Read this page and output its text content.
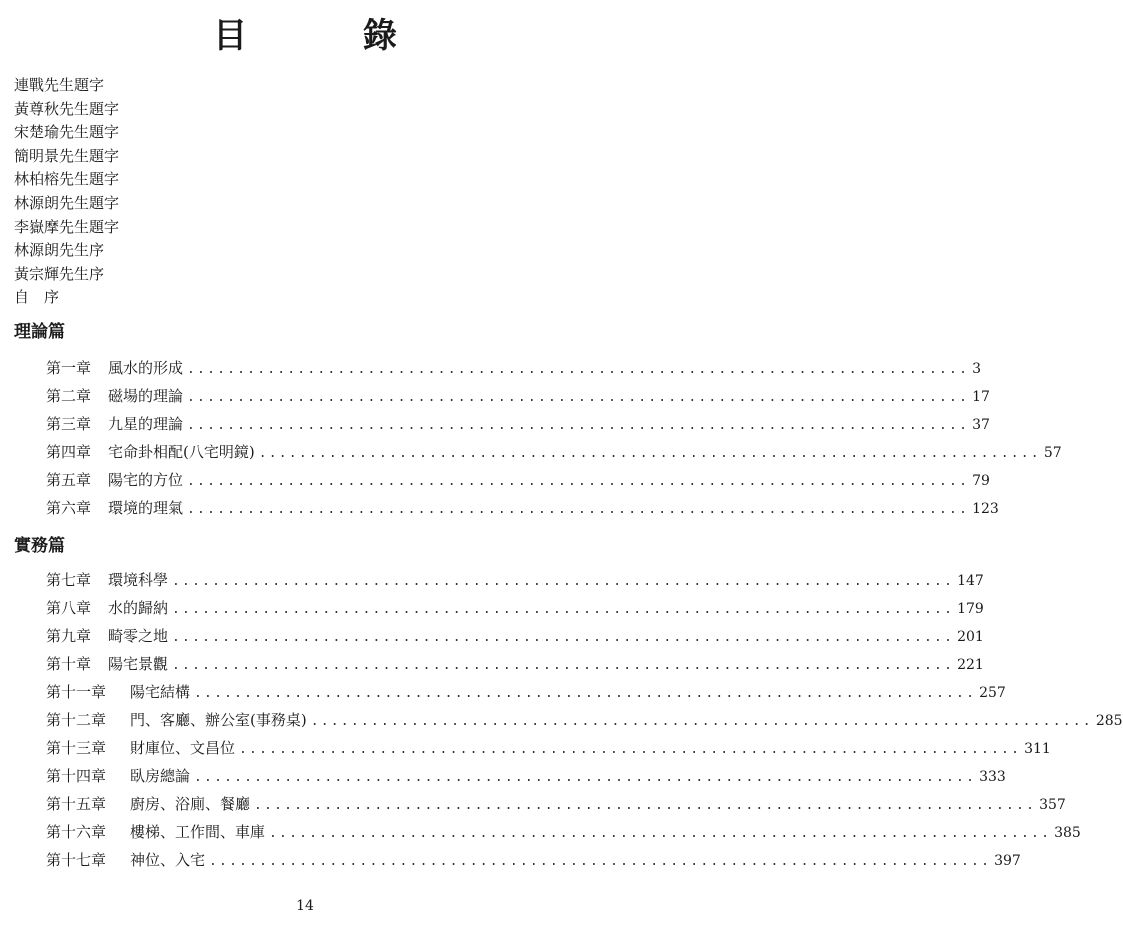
目 錄
連戰先生題字
黃尊秋先生題字
宋楚瑜先生題字
簡明景先生題字
林柏榕先生題字
林源朗先生題字
李嶽摩先生題字
林源朗先生序
黃宗輝先生序
自　序
理論篇
第一章	風水的形成 .............................................................................. 3
第二章	磁場的理論 .............................................................................. 17
第三章	九星的理論 .............................................................................. 37
第四章	宅命卦相配(八宅明鏡) .............................................................................. 57
第五章	陽宅的方位 .............................................................................. 79
第六章	環境的理氣 .............................................................................. 123
實務篇
第七章	環境科學 .............................................................................. 147
第八章	水的歸納 .............................................................................. 179
第九章	畸零之地 .............................................................................. 201
第十章	陽宅景觀 .............................................................................. 221
第十一章	陽宅結構 .............................................................................. 257
第十二章	門、客廳、辦公室(事務桌) .............................................................................. 285
第十三章	財庫位、文昌位 .............................................................................. 311
第十四章	臥房總論 .............................................................................. 333
第十五章	廚房、浴廁、餐廳 .............................................................................. 357
第十六章	樓梯、工作間、車庫 .............................................................................. 385
第十七章	神位、入宅 .............................................................................. 397
14
